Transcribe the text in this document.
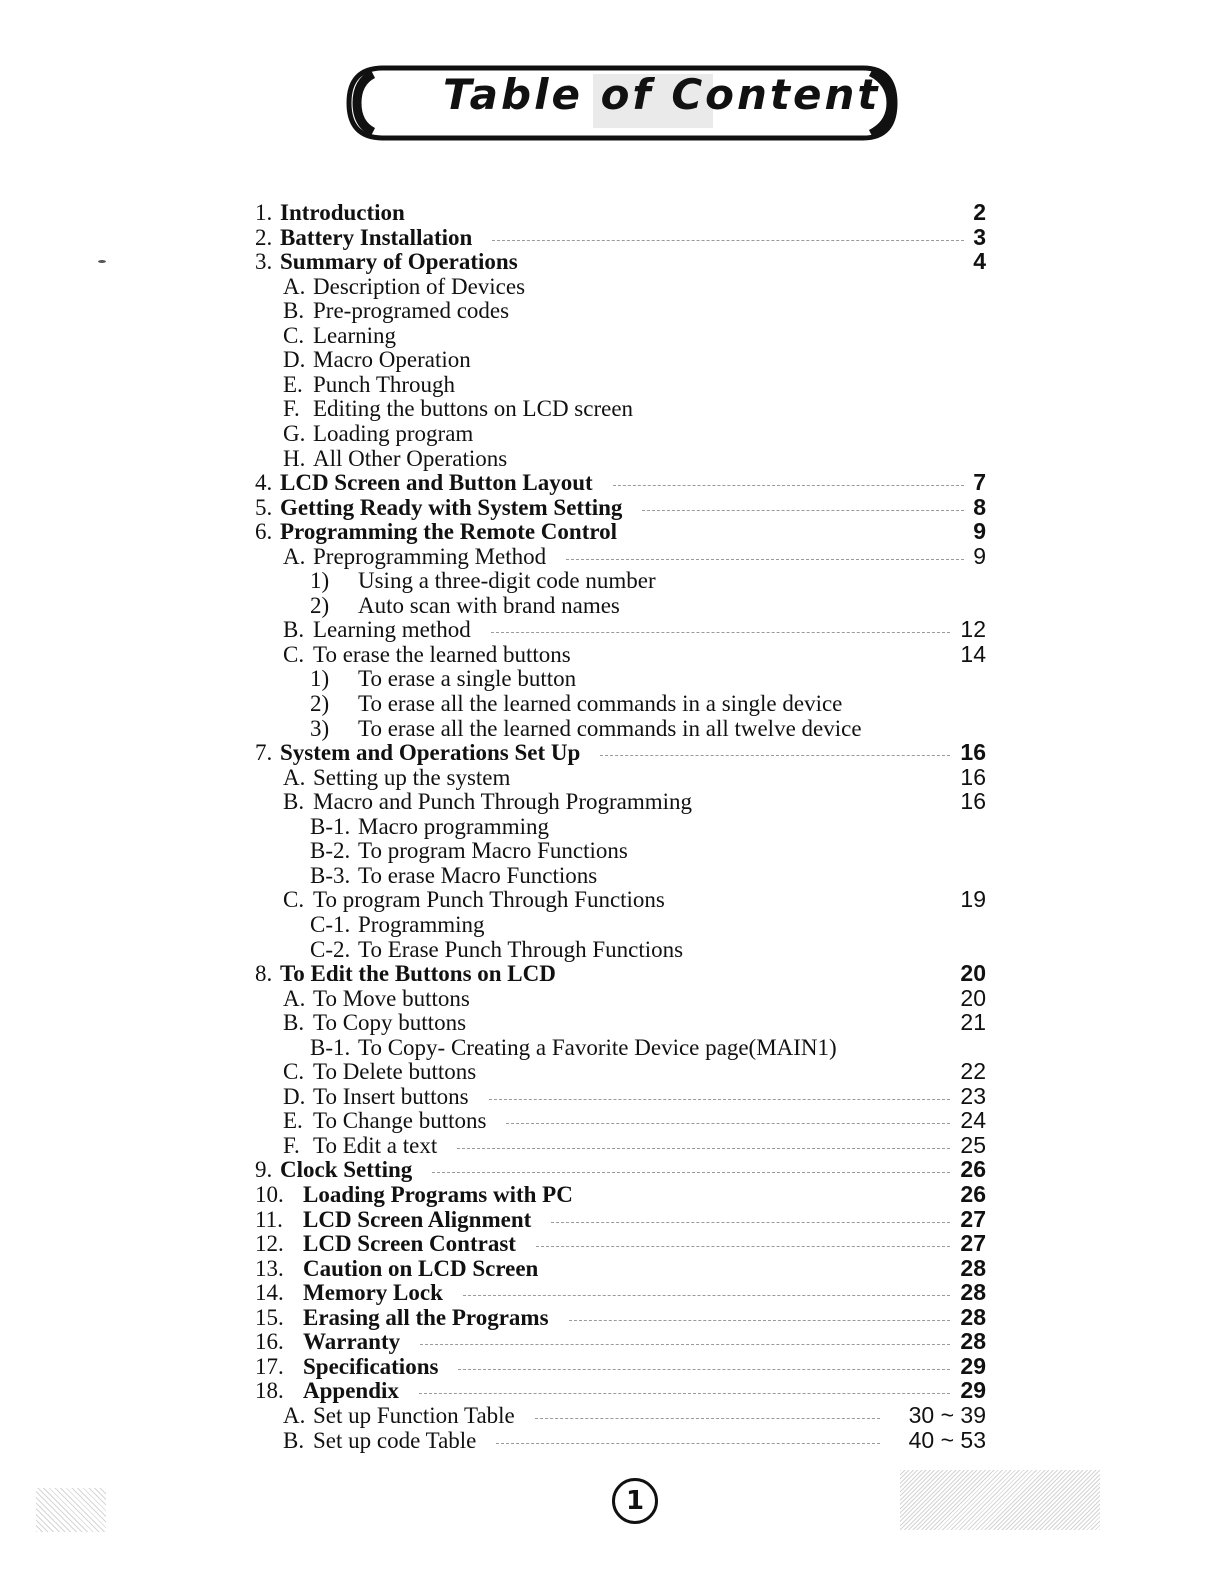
Table of Content
1. Introduction	2
2. Battery Installation	3
3. Summary of Operations	4
A. Description of Devices
B. Pre-programed codes
C. Learning
D. Macro Operation
E. Punch Through
F. Editing the buttons on LCD screen
G. Loading program
H. All Other Operations
4. LCD Screen and Button Layout	7
5. Getting Ready with System Setting	8
6. Programming the Remote Control	9
A. Preprogramming Method	9
1) Using a three-digit code number
2) Auto scan with brand names
B. Learning method	12
C. To erase the learned buttons	14
1) To erase a single button
2) To erase all the learned commands in a single device
3) To erase all the learned commands in all twelve device
7. System and Operations Set Up	16
A. Setting up the system	16
B. Macro and Punch Through Programming	16
B-1. Macro programming
B-2. To program Macro Functions
B-3. To erase Macro Functions
C. To program Punch Through Functions	19
C-1. Programming
C-2. To Erase Punch Through Functions
8. To Edit the Buttons on LCD	20
A. To Move buttons	20
B. To Copy buttons	21
B-1. To Copy- Creating a Favorite Device page(MAIN1)
C. To Delete buttons	22
D. To Insert buttons	23
E. To Change buttons	24
F. To Edit a text	25
9. Clock Setting	26
10. Loading Programs with PC	26
11. LCD Screen Alignment	27
12. LCD Screen Contrast	27
13. Caution on LCD Screen	28
14. Memory Lock	28
15. Erasing all the Programs	28
16. Warranty	28
17. Specifications	29
18. Appendix	29
A. Set up Function Table	30 ~ 39
B. Set up code Table	40 ~ 53
1
